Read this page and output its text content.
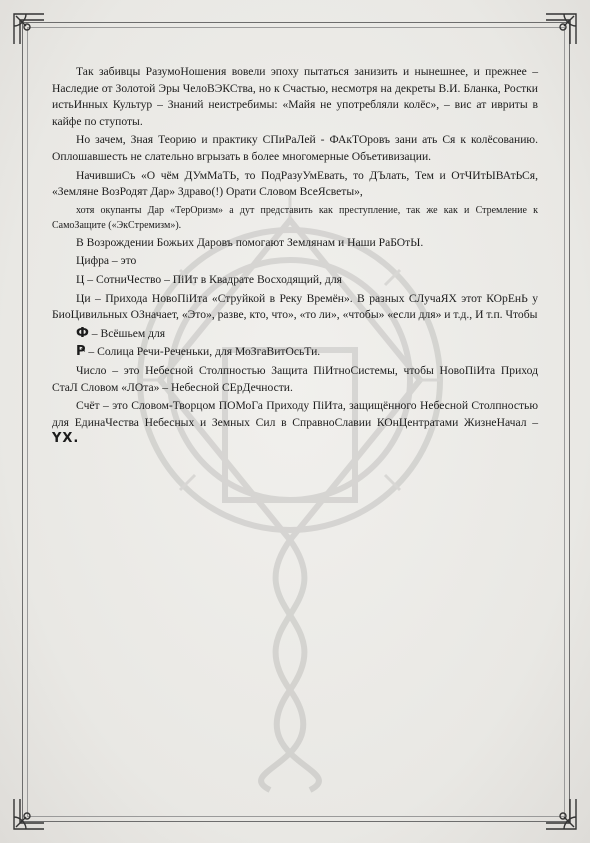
Так забивцы РазумоНошения вовели эпоху пытаться занизить и нынешнее, и прежнее – Наследие от Золотой Эры ЧелоВЭКСтва, но к Счастью, несмотря на декреты В.И. Бланка, Ростки истьИнных Культур – Знаний неистребимы: «Майя не употребляли колёс», – вис ат ивриты в кайфе по ступоты.

Но зачем, Зная Теорию и практику СПиРаЛей - ФАкТОровъ зани ать Ся к колёсованию. Оплошавшесть не слательно вгрызать в более многомерные Объетивизации.

НачившиСъ «О чём ДУмМаТЬ, то ПодРазуУмЕвать, то ДЪлать, Тем и ОтЧИтЫВАтЬСя, «Земляне ВозРодят Дар» Здраво(!) Орати Словом ВсеЯсветы»,

хотя окупанты Дар «ТерОризм» а дут представить как преступление, так же как и Стремление к СамоЗащите («ЭкСтремизм»).

В Возрождении Божьих Даровъ помогают Землянам и Наши РаБОтЫ.

Цифра – это

Ц – СотниЧество – ПiИт в Квадрате Восходящий, для

Ци – Прихода НовоПiИта «Струйкой в Реку Времён». В разных СЛучаЯХ этот КОрЕнЬ у БиоЦивильных ОЗначает, «Это», разве, кто, что», «то ли», «чтобы» «если для» и т.д., И т.п. Чтобы

Ф – Всёшьем для

Ҏ – Солица Речи-Реченьки, для МоЗгаВитОсьТи.

Число – это Небесной Столпностью Защита ПiИтноСистемы, чтобы НовоПiИта Приход СтаЛ Словом «ЛОта» – Небесной СЕрДечности.

Счёт – это Словом-Творцом ПОМоГа Приходу ПiИта, защищённого Небесной Столпностью для ЕдинаЧества Небесных и Земных Сил в СправноСлавии КОнЦентратами ЖизнеНачал – ҮХ.
